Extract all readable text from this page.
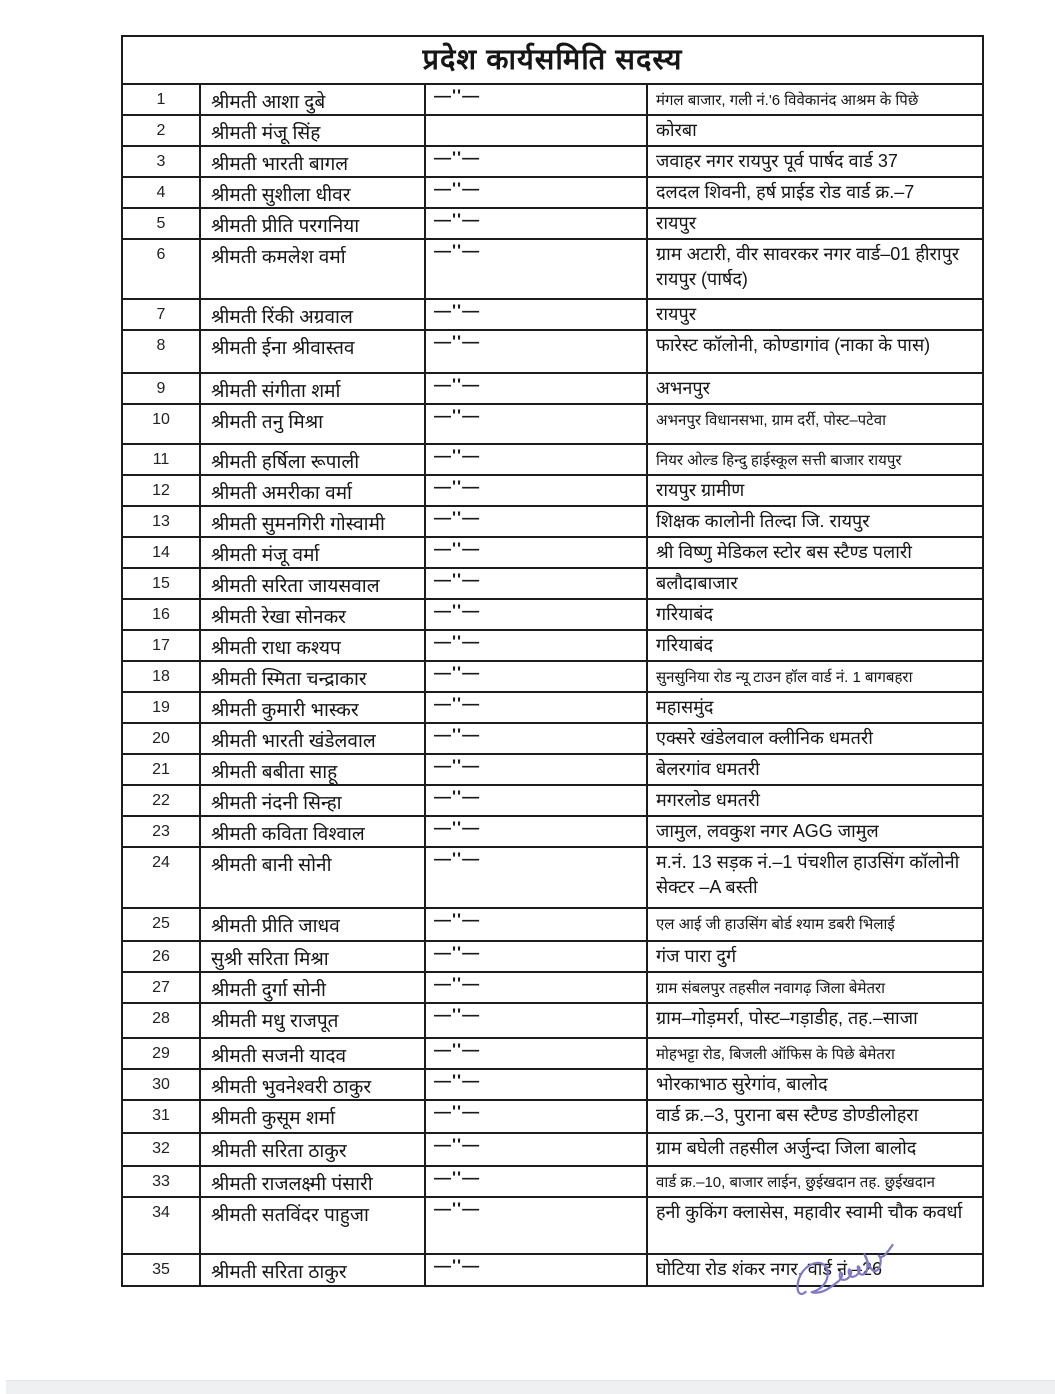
प्रदेश कार्यसमिति सदस्य			
1	श्रीमती आशा दुबे	—''—	मंगल बाजार, गली नं.'6 विवेकानंद आश्रम के पिछे
2	श्रीमती मंजू सिंह		कोरबा
3	श्रीमती भारती बागल	—''—	जवाहर नगर रायपुर पूर्व पार्षद वार्ड 37
4	श्रीमती सुशीला धीवर	—''—	दलदल शिवनी, हर्ष प्राईड रोड वार्ड क्र.–7
5	श्रीमती प्रीति परगनिया	—''—	रायपुर
6	श्रीमती कमलेश वर्मा	—''—	ग्राम अटारी, वीर सावरकर नगर वार्ड–01 हीरापुर रायपुर (पार्षद)
7	श्रीमती रिंकी अग्रवाल	—''—	रायपुर
8	श्रीमती ईना श्रीवास्तव	—''—	फारेस्ट कॉलोनी, कोण्डागांव (नाका के पास)
9	श्रीमती संगीता शर्मा	—''—	अभनपुर
10	श्रीमती तनु मिश्रा	—''—	अभनपुर विधानसभा, ग्राम दर्री, पोस्ट–पटेवा
11	श्रीमती हर्षिला रूपाली	—''—	नियर ओल्ड हिन्दु हाईस्कूल सत्ती बाजार रायपुर
12	श्रीमती अमरीका वर्मा	—''—	रायपुर ग्रामीण
13	श्रीमती सुमनगिरी गोस्वामी	—''—	शिक्षक कालोनी तिल्दा जि. रायपुर
14	श्रीमती मंजू वर्मा	—''—	श्री विष्णु मेडिकल स्टोर बस स्टैण्ड पलारी
15	श्रीमती सरिता जायसवाल	—''—	बलौदाबाजार
16	श्रीमती रेखा सोनकर	—''—	गरियाबंद
17	श्रीमती राधा कश्यप	—''—	गरियाबंद
18	श्रीमती स्मिता चन्द्राकार	—''—	सुनसुनिया रोड न्यू टाउन हॉल वार्ड नं. 1 बागबहरा
19	श्रीमती कुमारी भास्कर	—''—	महासमुंद
20	श्रीमती भारती खंडेलवाल	—''—	एक्सरे खंडेलवाल क्लीनिक धमतरी
21	श्रीमती बबीता साहू	—''—	बेलरगांव धमतरी
22	श्रीमती नंदनी सिन्हा	—''—	मगरलोड धमतरी
23	श्रीमती कविता विश्वाल	—''—	जामुल, लवकुश नगर AGG जामुल
24	श्रीमती बानी सोनी	—''—	म.नं. 13 सड़क नं.–1 पंचशील हाउसिंग कॉलोनी सेक्टर –A बस्ती
25	श्रीमती प्रीति जाधव	—''—	एल आई जी हाउसिंग बोर्ड श्याम डबरी भिलाई
26	सुश्री सरिता मिश्रा	—''—	गंज पारा दुर्ग
27	श्रीमती दुर्गा सोनी	—''—	ग्राम संबलपुर तहसील नवागढ़ जिला बेमेतरा
28	श्रीमती मधु राजपूत	—''—	ग्राम–गोड़मर्रा, पोस्ट–गड़ाडीह, तह.–साजा
29	श्रीमती सजनी यादव	—''—	मोहभट्टा रोड, बिजली ऑफिस के पिछे बेमेतरा
30	श्रीमती भुवनेश्वरी ठाकुर	—''—	भोरकाभाठ सुरेगांव, बालोद
31	श्रीमती कुसूम शर्मा	—''—	वार्ड क्र.–3, पुराना बस स्टैण्ड डोण्डीलोहरा
32	श्रीमती सरिता ठाकुर	—''—	ग्राम बघेली तहसील अर्जुन्दा जिला बालोद
33	श्रीमती राजलक्ष्मी पंसारी	—''—	वार्ड क्र.–10, बाजार लाईन, छुईखदान तह. छुईखदान
34	श्रीमती सतविंदर पाहुजा	—''—	हनी कुकिंग क्लासेस, महावीर स्वामी चौक कवर्धा
35	श्रीमती सरिता ठाकुर	—''—	घोटिया रोड शंकर नगर, वार्ड नं.–26
